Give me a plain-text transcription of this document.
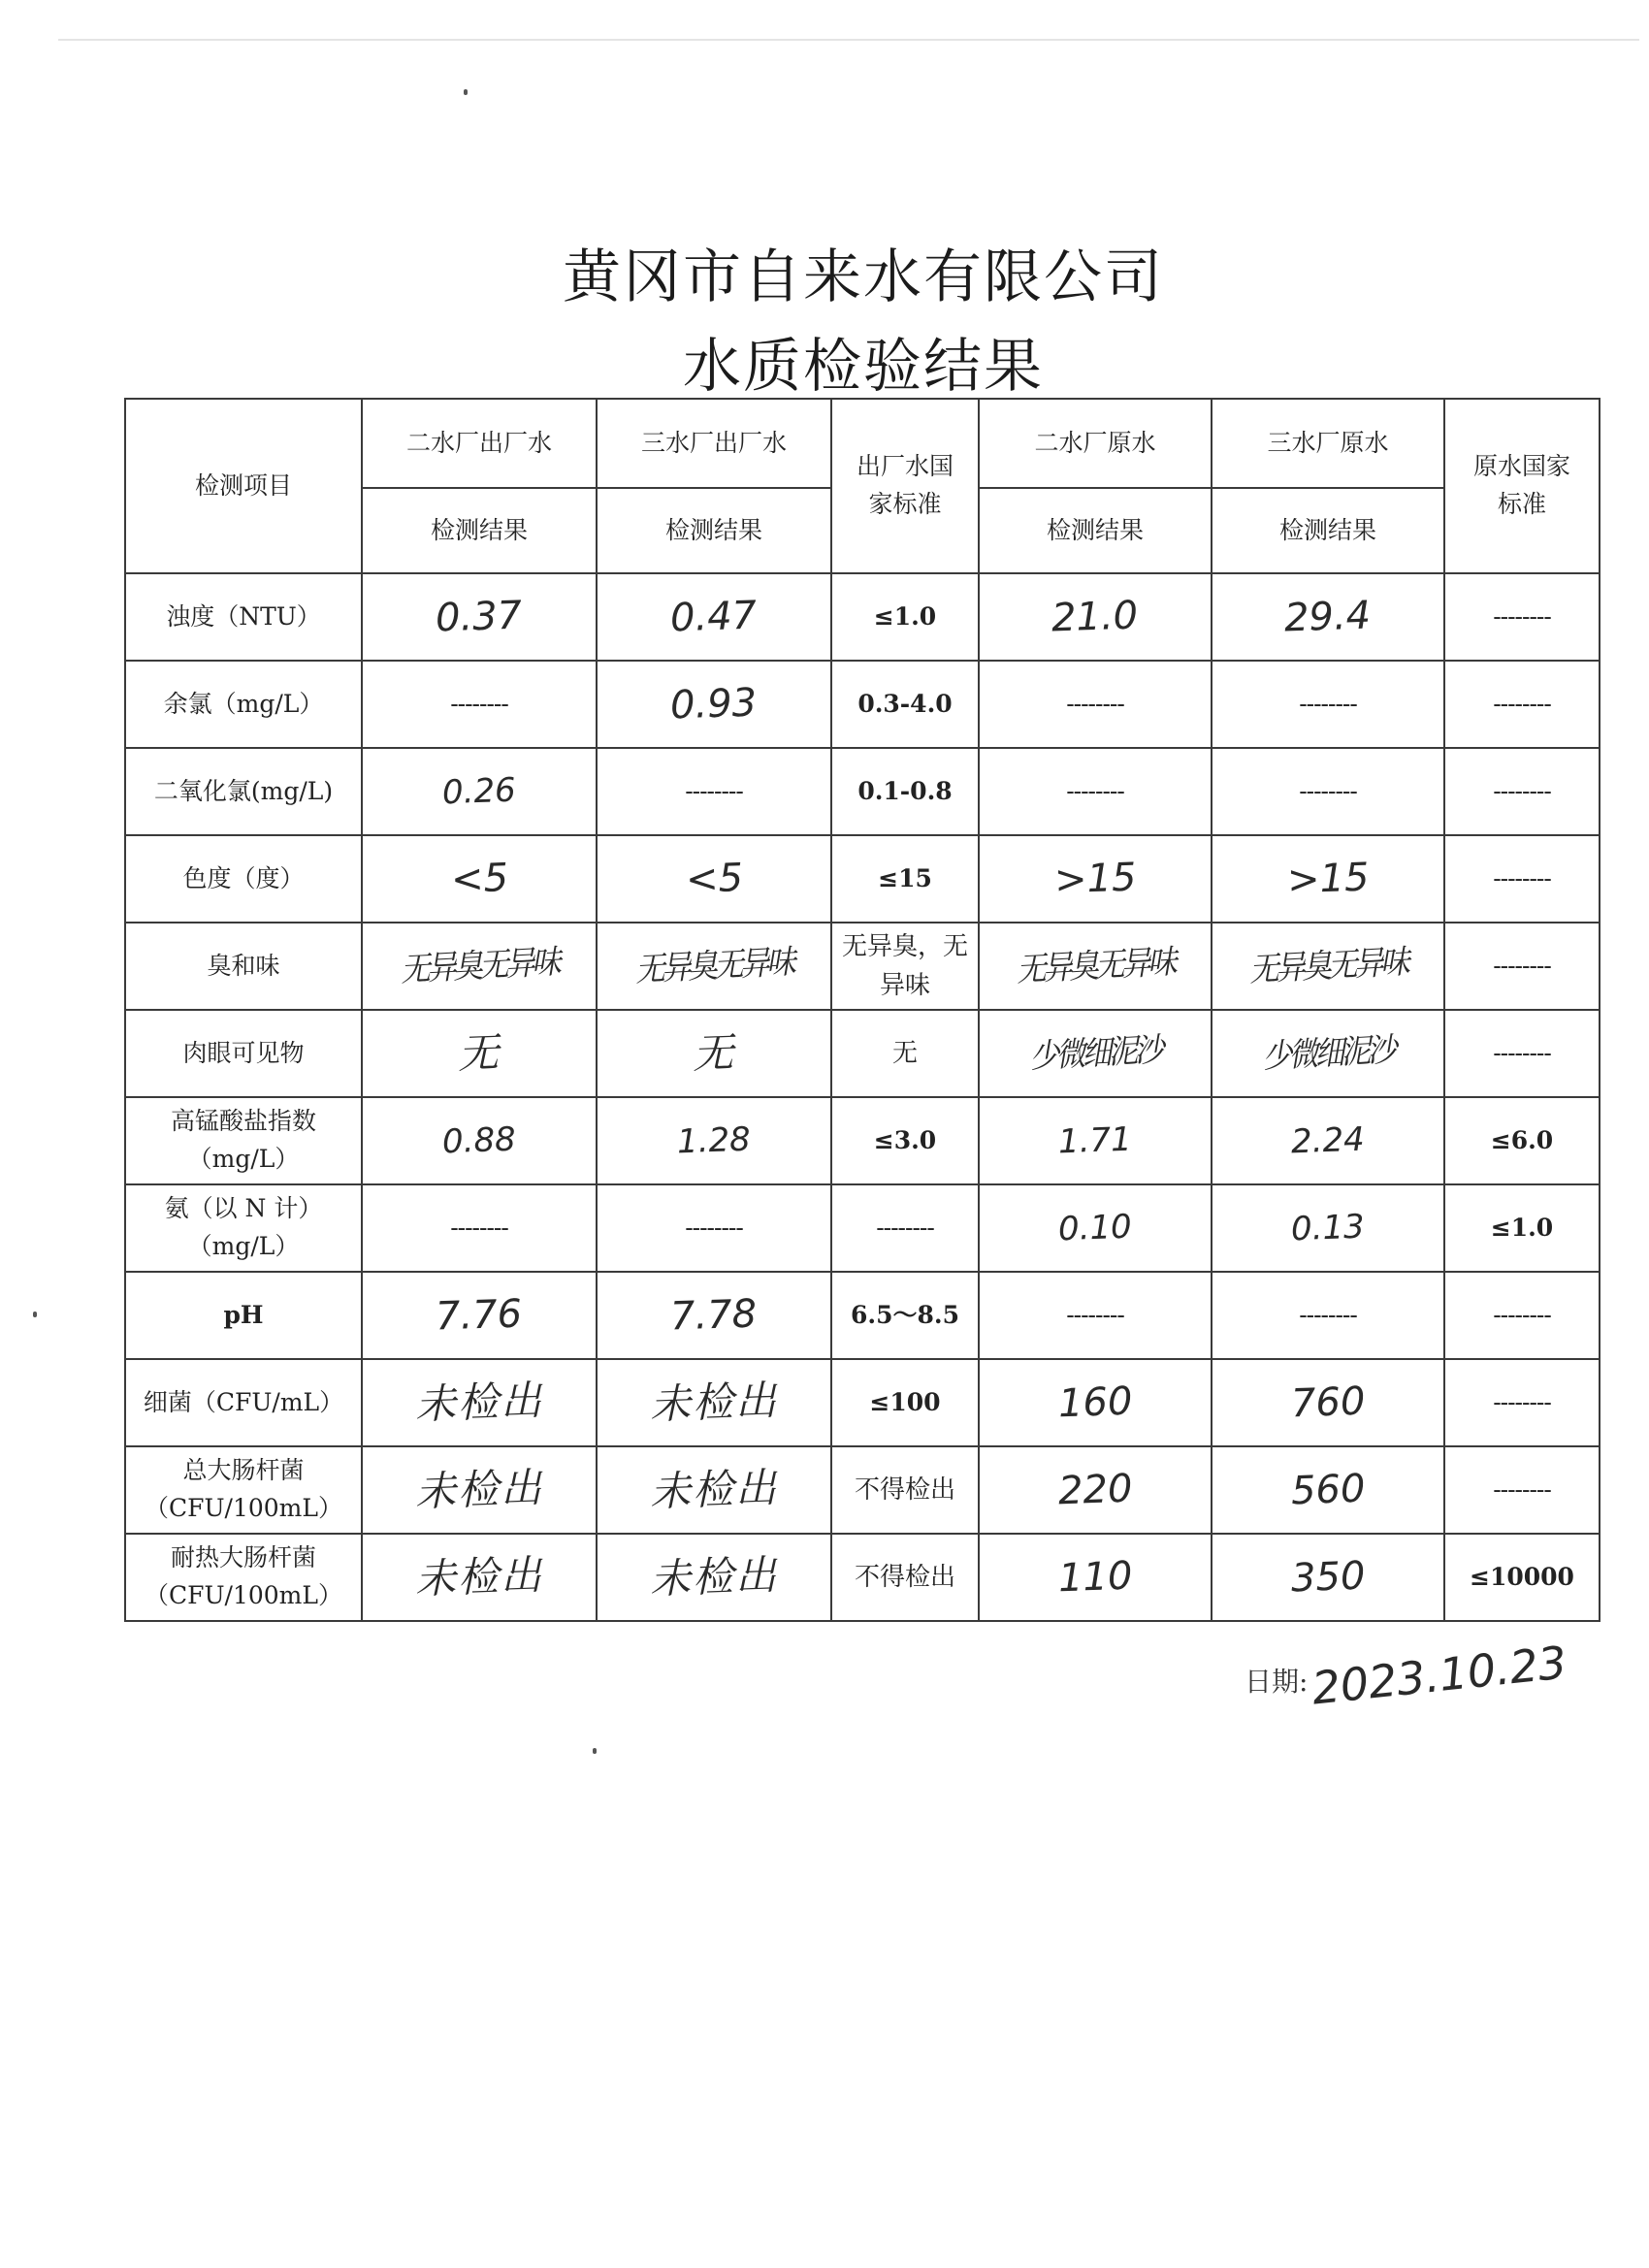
黄冈市自来水有限公司
水质检验结果
检测项目	二水厂出厂水	三水厂出厂水	出厂水国家标准	二水厂原水	三水厂原水	原水国家标准
	检测结果	检测结果		检测结果	检测结果	
浊度（NTU）	0.37	0.47	≤1.0	21.0	29.4	--------
余氯（mg/L）	--------	0.93	0.3-4.0	--------	--------	--------
二氧化氯(mg/L)	0.26	--------	0.1-0.8	--------	--------	--------
色度（度）	<5	<5	≤15	>15	>15	--------
臭和味	无异臭无异味	无异臭无异味	无异臭，无异味	无异臭无异味	无异臭无异味	--------
肉眼可见物	无	无	无	少微细泥沙	少微细泥沙	--------
高锰酸盐指数（mg/L）	0.88	1.28	≤3.0	1.71	2.24	≤6.0
氨（以 N 计）（mg/L）	--------	--------	--------	0.10	0.13	≤1.0
pH	7.76	7.78	6.5～8.5	--------	--------	--------
细菌（CFU/mL）	未检出	未检出	≤100	160	760	--------
总大肠杆菌（CFU/100mL）	未检出	未检出	不得检出	220	560	--------
耐热大肠杆菌（CFU/100mL）	未检出	未检出	不得检出	110	350	≤10000
日期:2023.10.23
